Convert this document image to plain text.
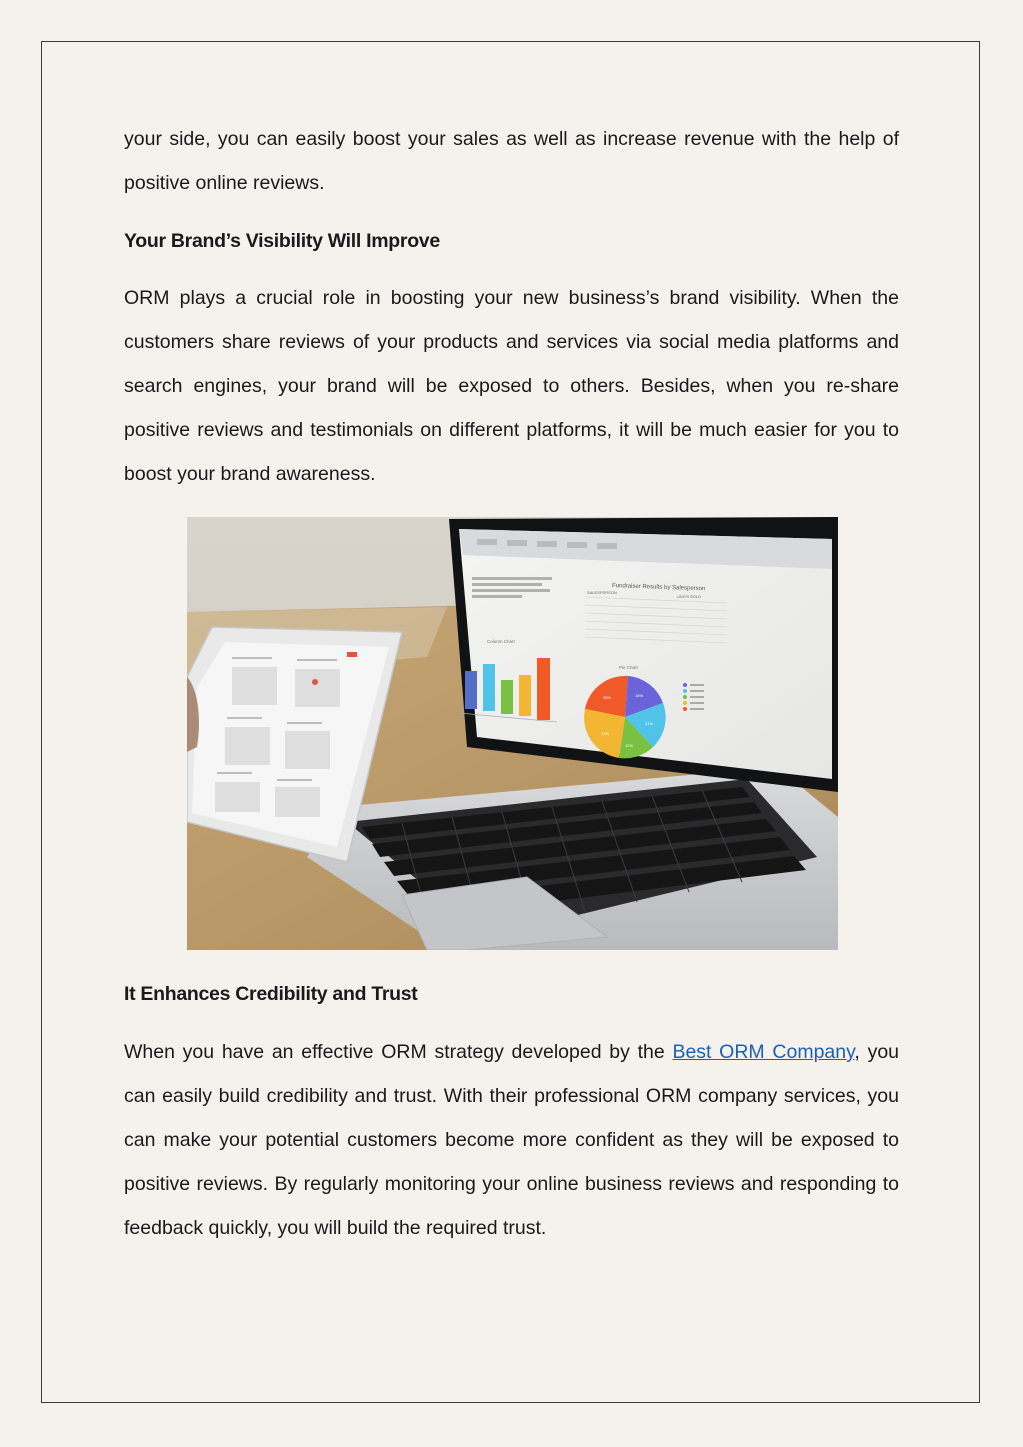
your side, you can easily boost your sales as well as increase revenue with the help of positive online reviews.

Your Brand’s Visibility Will Improve

ORM plays a crucial role in boosting your new business’s brand visibility. When the customers share reviews of your products and services via social media platforms and search engines, your brand will be exposed to others. Besides, when you re-share positive reviews and testimonials on different platforms, it will be much easier for you to boost your brand awareness.

Fundraiser Results by Salesperson
SALESPERSON
UNITS SOLD
Column Chart
Pie Chart
28%	18%
21%
12%
13%
It Enhances Credibility and Trust

When you have an effective ORM strategy developed by the Best ORM Company, you can easily build credibility and trust. With their professional ORM company services, you can make your potential customers become more confident as they will be exposed to positive reviews. By regularly monitoring your online business reviews and responding to feedback quickly, you will build the required trust.
